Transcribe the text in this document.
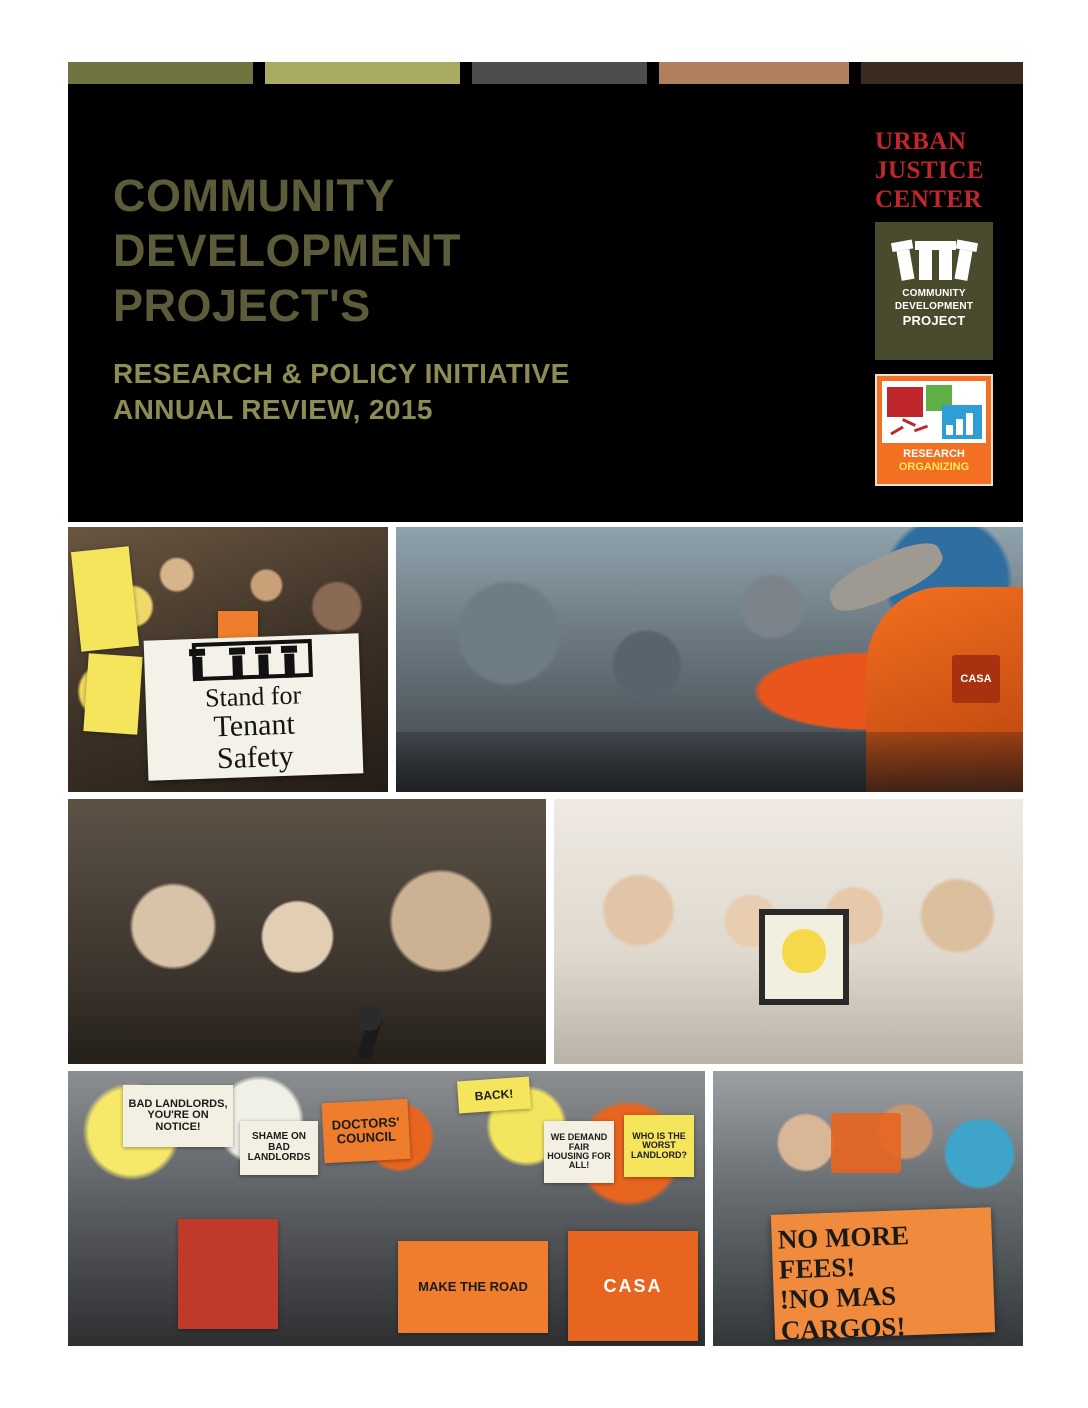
COMMUNITY
DEVELOPMENT
PROJECT'S
RESEARCH & POLICY INITIATIVE
ANNUAL REVIEW, 2015
URBAN
JUSTICE
CENTER
COMMUNITY
DEVELOPMENT
PROJECT
RESEARCH
ORGANIZING
Stand for
Tenant
Safety
CASA
BAD LANDLORDS, YOU'RE ON NOTICE!
SHAME ON BAD LANDLORDS
DOCTORS' COUNCIL
BACK!
WE DEMAND FAIR HOUSING FOR ALL!
WHO IS THE WORST LANDLORD?
MAKE THE ROAD	CASA
NO MORE
FEES!
!NO MAS
CARGOS!
